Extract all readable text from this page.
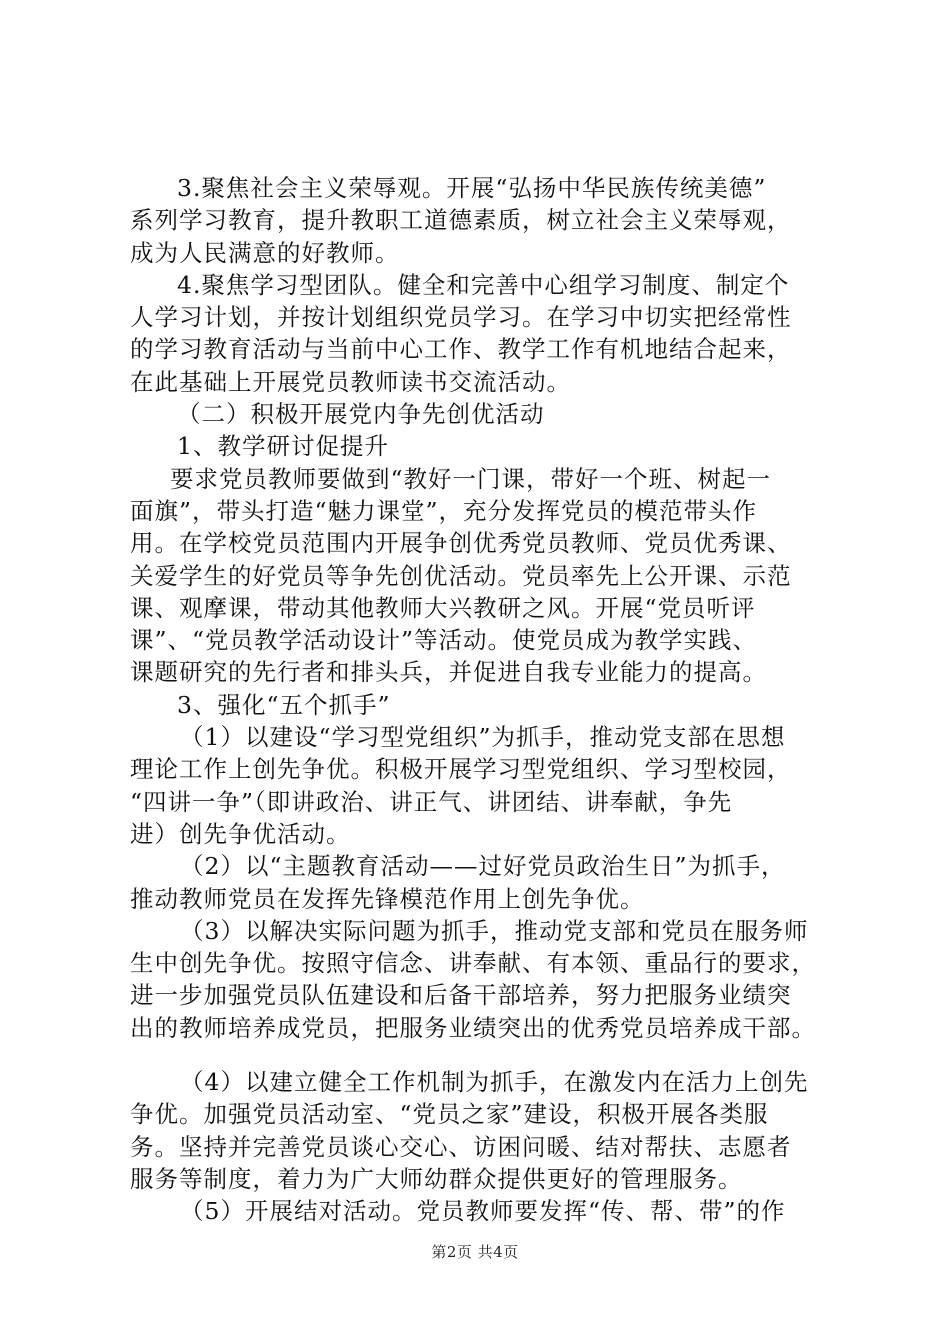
3.聚焦社会主义荣辱观。开展“弘扬中华民族传统美德”
系列学习教育，提升教职工道德素质，树立社会主义荣辱观，
成为人民满意的好教师。
4.聚焦学习型团队。健全和完善中心组学习制度、制定个
人学习计划，并按计划组织党员学习。在学习中切实把经常性
的学习教育活动与当前中心工作、教学工作有机地结合起来，
在此基础上开展党员教师读书交流活动。
（二）积极开展党内争先创优活动
1、教学研讨促提升
要求党员教师要做到“教好一门课，带好一个班、树起一
面旗”，带头打造“魅力课堂”，充分发挥党员的模范带头作
用。在学校党员范围内开展争创优秀党员教师、党员优秀课、
关爱学生的好党员等争先创优活动。党员率先上公开课、示范
课、观摩课，带动其他教师大兴教研之风。开展“党员听评
课”、“党员教学活动设计”等活动。使党员成为教学实践、
课题研究的先行者和排头兵，并促进自我专业能力的提高。
3、强化“五个抓手”
（1）以建设“学习型党组织”为抓手，推动党支部在思想
理论工作上创先争优。积极开展学习型党组织、学习型校园，
“四讲一争”（即讲政治、讲正气、讲团结、讲奉献，争先
进）创先争优活动。
（2）以“主题教育活动——过好党员政治生日”为抓手，
推动教师党员在发挥先锋模范作用上创先争优。
（3）以解决实际问题为抓手，推动党支部和党员在服务师
生中创先争优。按照守信念、讲奉献、有本领、重品行的要求，
进一步加强党员队伍建设和后备干部培养，努力把服务业绩突
出的教师培养成党员，把服务业绩突出的优秀党员培养成干部。
（4）以建立健全工作机制为抓手，在激发内在活力上创先
争优。加强党员活动室、“党员之家”建设，积极开展各类服
务。坚持并完善党员谈心交心、访困问暖、结对帮扶、志愿者
服务等制度，着力为广大师幼群众提供更好的管理服务。
（5）开展结对活动。党员教师要发挥“传、帮、带”的作
第2页 共4页
